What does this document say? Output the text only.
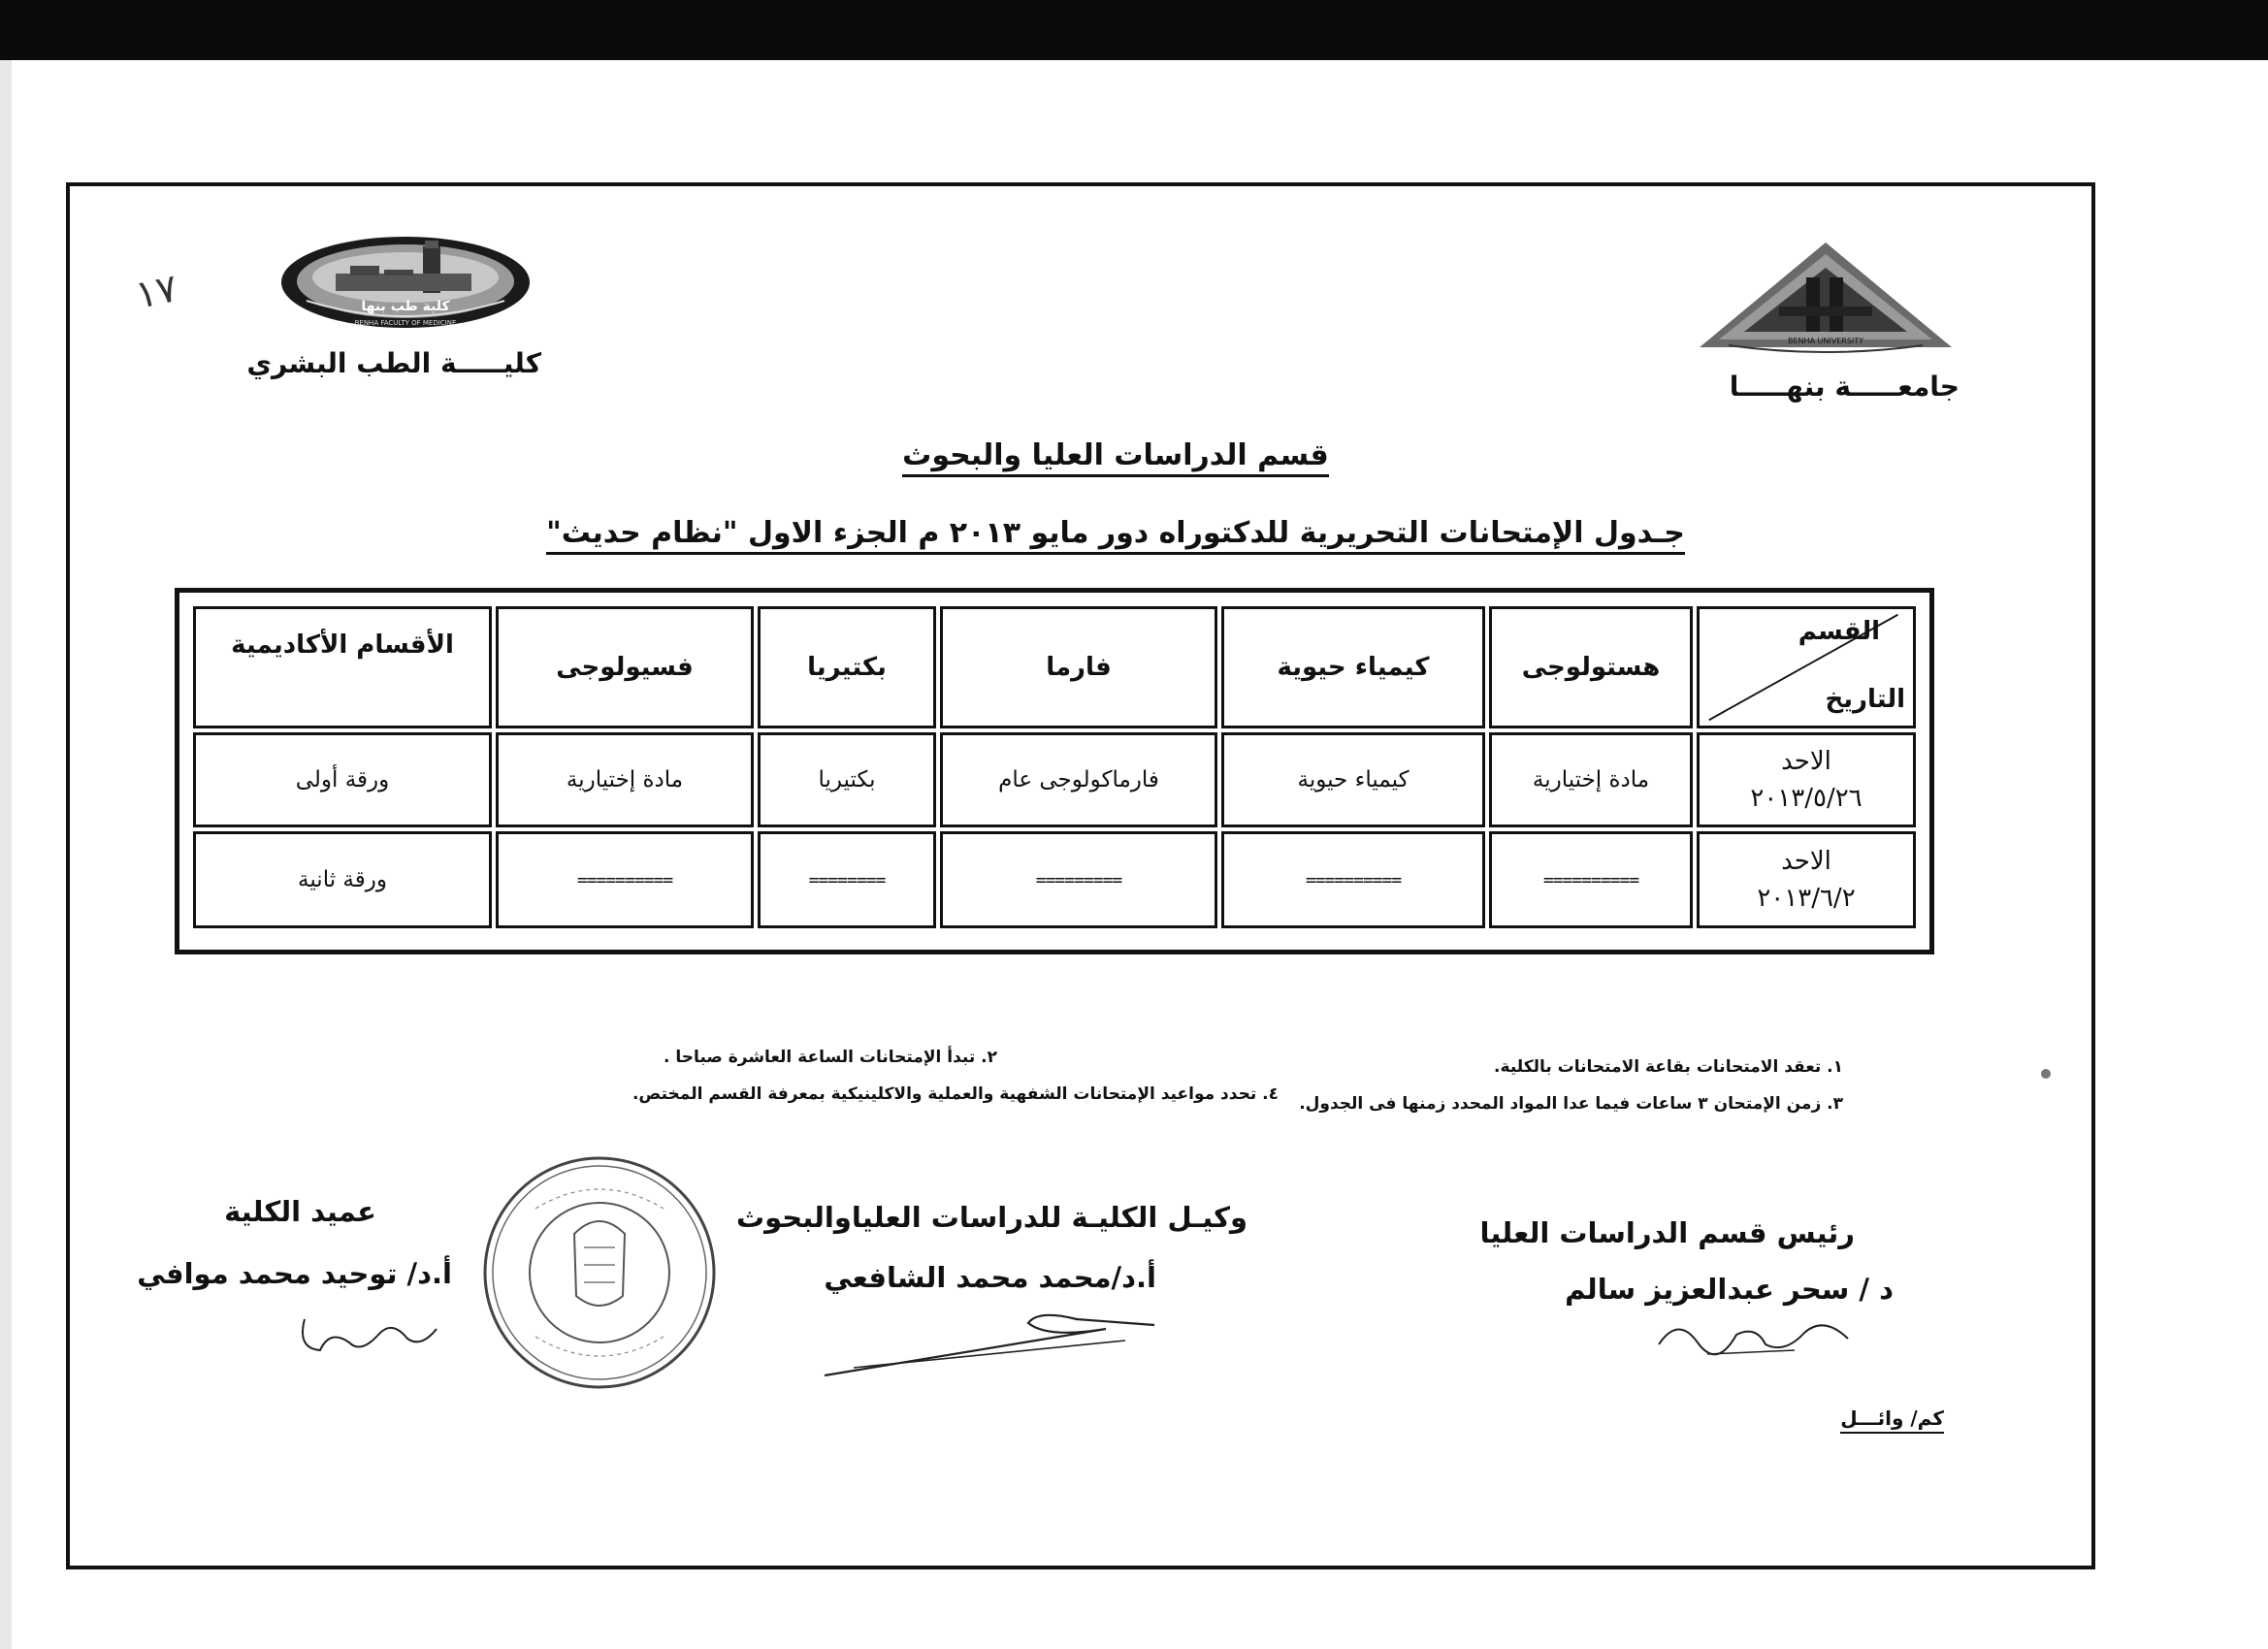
١٧	كلية طب بنها
BENHA FACULTY OF MEDICINE
كليـــــة الطب البشري
BENHA UNIVERSITY
جامعـــــة بنهـــــا
قسم الدراسات العليا والبحوث
جـدول الإمتحانات التحريرية للدكتوراه دور مايو ٢٠١٣ م الجزء الاول "نظام حديث"
القسم
التاريخ
هستولوجى
كيمياء حيوية
فارما
بكتيريا
فسيولوجى
الأقسام الأكاديمية
الاحد
٢٠١٣/٥/٢٦
مادة إختيارية
كيمياء حيوية
فارماكولوجى عام
بكتيريا
مادة إختيارية
ورقة أولى
الاحد
٢٠١٣/٦/٢
==========
==========
=========
========
==========
ورقة ثانية
١. تعقد الامتحانات بقاعة الامتحانات بالكلية.
٢. تبدأ الإمتحانات الساعة العاشرة صباحا .
٣. زمن الإمتحان ٣ ساعات فيما عدا المواد المحدد زمنها فى الجدول.
٤. تحدد مواعيد الإمتحانات الشفهية والعملية والاكلينيكية بمعرفة القسم المختص.
رئيس قسم الدراسات العليا
د / سحر عبدالعزيز سالم
وكيـل الكليـة للدراسات العلياوالبحوث
أ.د/محمد محمد الشافعي
عميد الكلية
أ.د/ توحيد محمد موافي
كم/ وائـــل
